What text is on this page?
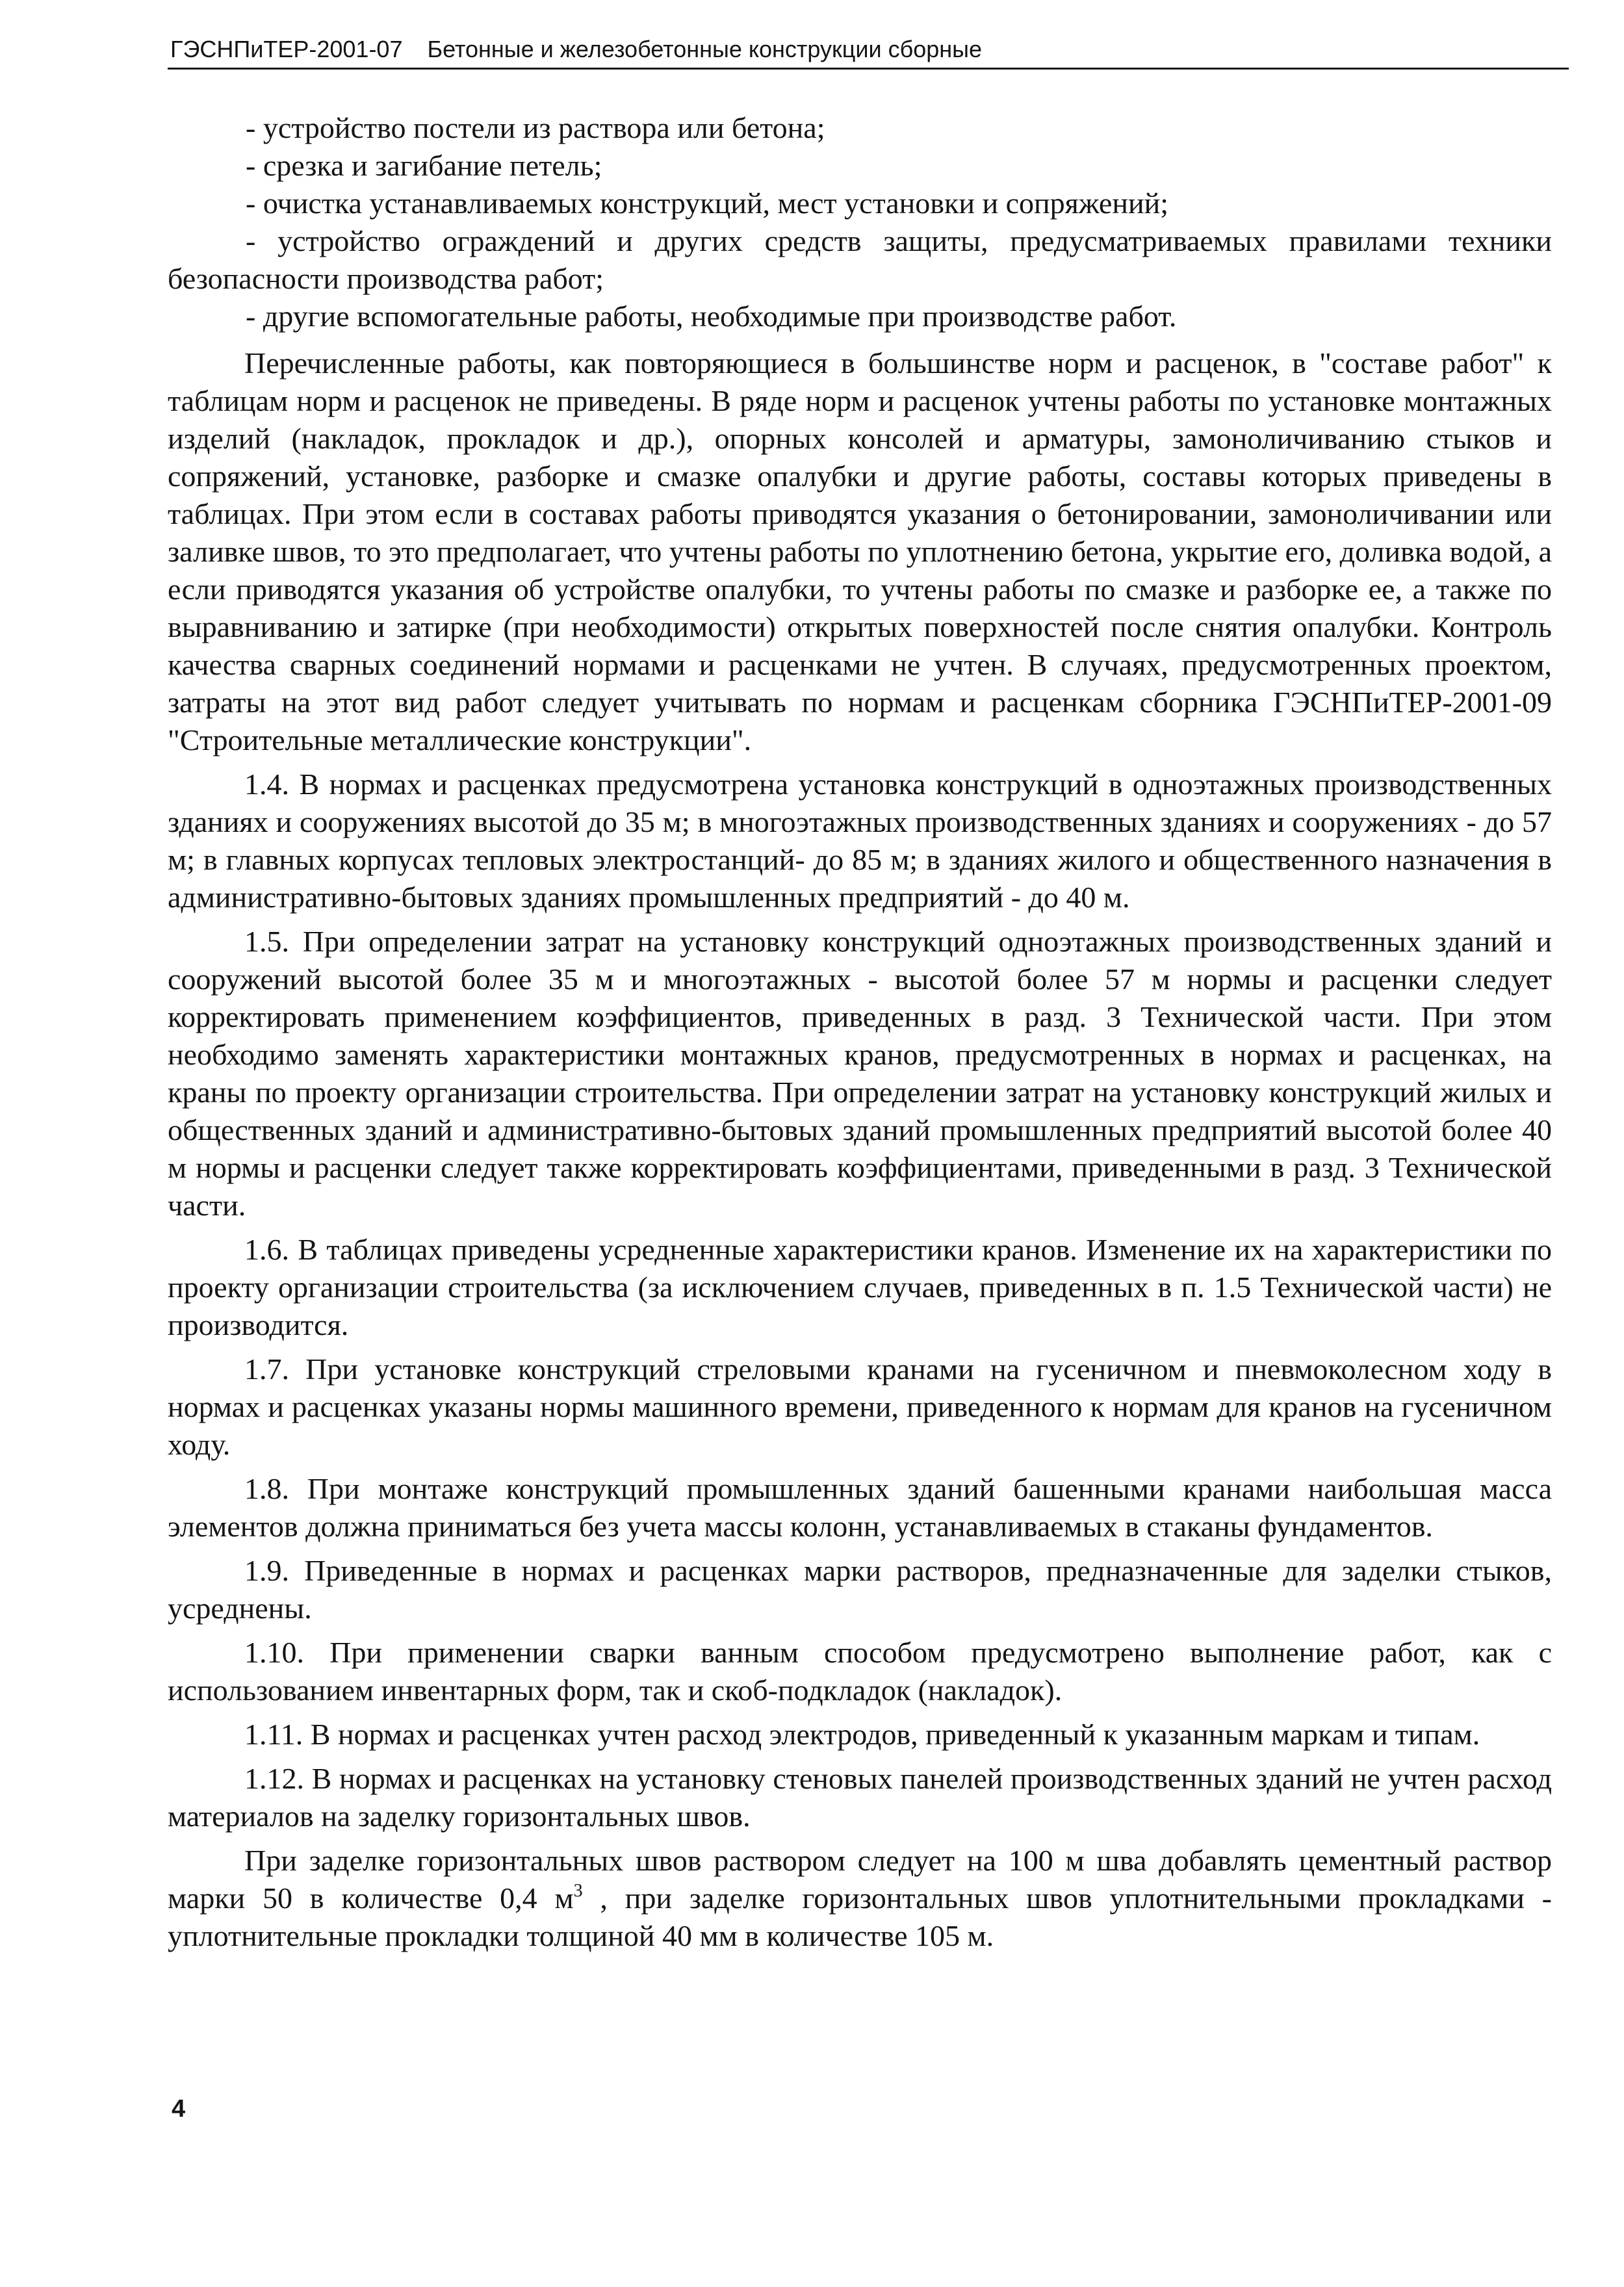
ГЭСНПиТЕР-2001-07 Бетонные и железобетонные конструкции сборные

- устройство постели из раствора или бетона;

- срезка и загибание петель;

- очистка устанавливаемых конструкций, мест установки и сопряжений;

- устройство ограждений и других средств защиты, предусматриваемых правилами техники безопасности производства работ;

- другие вспомогательные работы, необходимые при производстве работ.

Перечисленные работы, как повторяющиеся в большинстве норм и расценок, в "составе работ" к таблицам норм и расценок не приведены. В ряде норм и расценок учтены работы по установке монтажных изделий (накладок, прокладок и др.), опорных консолей и арматуры, замоноличиванию стыков и сопряжений, установке, разборке и смазке опалубки и другие работы, составы которых приведены в таблицах. При этом если в составах работы приводятся указания о бетонировании, замоноличивании или заливке швов, то это предполагает, что учтены работы по уплотнению бетона, укрытие его, доливка водой, а если приводятся указания об устройстве опалубки, то учтены работы по смазке и разборке ее, а также по выравниванию и затирке (при необходимости) открытых поверхностей после снятия опалубки. Контроль качества сварных соединений нормами и расценками не учтен. В случаях, предусмотренных проектом, затраты на этот вид работ следует учитывать по нормам и расценкам сборника ГЭСНПиТЕР-2001-09 "Строительные металлические конструкции".

1.4. В нормах и расценках предусмотрена установка конструкций в одноэтажных производственных зданиях и сооружениях высотой до 35 м; в многоэтажных производственных зданиях и сооружениях - до 57 м; в главных корпусах тепловых электростанций- до 85 м; в зданиях жилого и общественного назначения в административно-бытовых зданиях промышленных предприятий - до 40 м.

1.5. При определении затрат на установку конструкций одноэтажных производственных зданий и сооружений высотой более 35 м и многоэтажных - высотой более 57 м нормы и расценки следует корректировать применением коэффициентов, приведенных в разд. 3 Технической части. При этом необходимо заменять характеристики монтажных кранов, предусмотренных в нормах и расценках, на краны по проекту организации строительства. При определении затрат на установку конструкций жилых и общественных зданий и административно-бытовых зданий промышленных предприятий высотой более 40 м нормы и расценки следует также корректировать коэффициентами, приведенными в разд. 3 Технической части.

1.6. В таблицах приведены усредненные характеристики кранов. Изменение их на характеристики по проекту организации строительства (за исключением случаев, приведенных в п. 1.5 Технической части) не производится.

1.7. При установке конструкций стреловыми кранами на гусеничном и пневмоколесном ходу в нормах и расценках указаны нормы машинного времени, приведенного к нормам для кранов на гусеничном ходу.

1.8. При монтаже конструкций промышленных зданий башенными кранами наибольшая масса элементов должна приниматься без учета массы колонн, устанавливаемых в стаканы фундаментов.

1.9. Приведенные в нормах и расценках марки растворов, предназначенные для заделки стыков, усреднены.

1.10. При применении сварки ванным способом предусмотрено выполнение работ, как с использованием инвентарных форм, так и скоб-подкладок (накладок).

1.11. В нормах и расценках учтен расход электродов, приведенный к указанным маркам и типам.

1.12. В нормах и расценках на установку стеновых панелей производственных зданий не учтен расход материалов на заделку горизонтальных швов.

При заделке горизонтальных швов раствором следует на 100 м шва добавлять цементный раствор марки 50 в количестве 0,4 $м^3$ , при заделке горизонтальных швов уплотнительными прокладками - уплотнительные прокладки толщиной 40 мм в количестве 105 м.

4
